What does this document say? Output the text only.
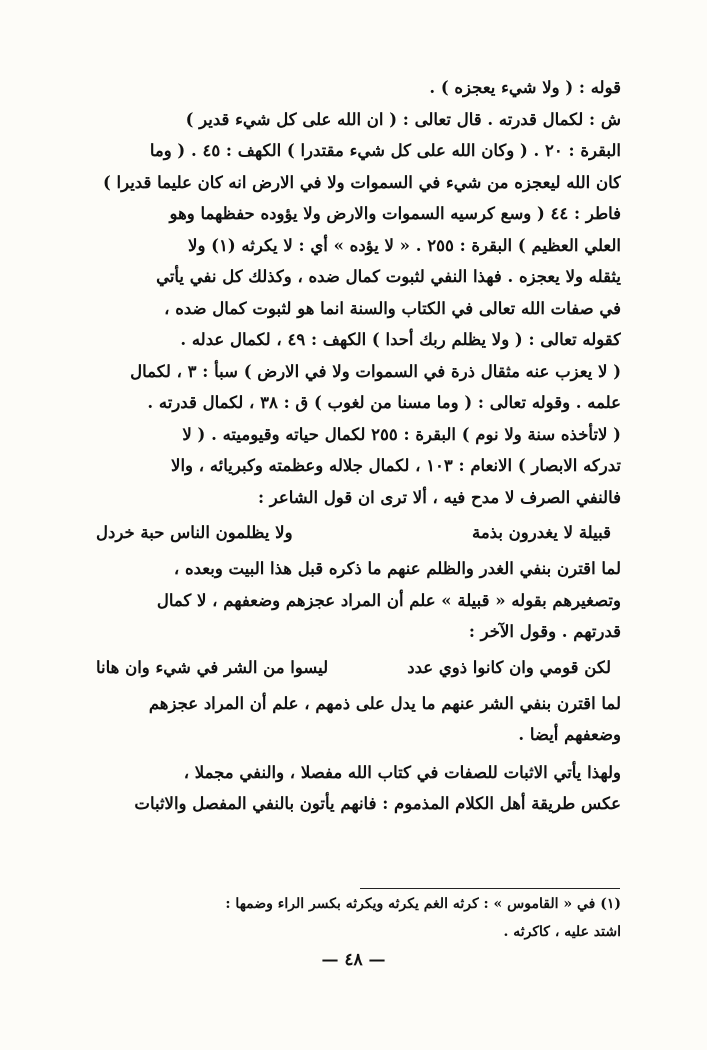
قوله : ( ولا شيء يعجزه ) .
ش : لكمال قدرته . قال تعالى : ( ان الله على كل شيء قدير )
البقرة : ٢٠ . ( وكان الله على كل شيء مقتدرا ) الكهف : ٤٥ . ( وما
كان الله ليعجزه من شيء في السموات ولا في الارض انه كان عليما قديرا )
فاطر : ٤٤ ( وسع كرسيه السموات والارض ولا يؤوده حفظهما وهو
العلي العظيم ) البقرة : ٢٥٥ . « لا يؤده » أي : لا يكرثه (١) ولا
يثقله ولا يعجزه . فهذا النفي لثبوت كمال ضده ، وكذلك كل نفي يأتي
في صفات الله تعالى في الكتاب والسنة انما هو لثبوت كمال ضده ،
كقوله تعالى : ( ولا يظلم ربك أحدا ) الكهف : ٤٩ ، لكمال عدله .
( لا يعزب عنه مثقال ذرة في السموات ولا في الارض ) سبأ : ٣ ، لكمال
علمه . وقوله تعالى : ( وما مسنا من لغوب ) ق : ٣٨ ، لكمال قدرته .
( لاتأخذه سنة ولا نوم ) البقرة : ٢٥٥ لكمال حياته وقيوميته . ( لا
تدركه الابصار ) الانعام : ١٠٣ ، لكمال جلاله وعظمته وكبريائه ، والا
فالنفي الصرف لا مدح فيه ، ألا ترى ان قول الشاعر :
قبيلة لا يغدرون بذمة
ولا يظلمون الناس حبة خردل
لما اقترن بنفي الغدر والظلم عنهم ما ذكره قبل هذا البيت وبعده ،
وتصغيرهم بقوله « قبيلة » علم أن المراد عجزهم وضعفهم ، لا كمال
قدرتهم . وقول الآخر :
لكن قومي وان كانوا ذوي عدد
ليسوا من الشر في شيء وان هانا
لما اقترن بنفي الشر عنهم ما يدل على ذمهم ، علم أن المراد عجزهم
وضعفهم أيضا .
ولهذا يأتي الاثبات للصفات في كتاب الله مفصلا ، والنفي مجملا ،
عكس طريقة أهل الكلام المذموم : فانهم يأتون بالنفي المفصل والاثبات
(١) في « القاموس » : كرثه الغم يكرثه ويكرثه بكسر الراء وضمها :
اشتد عليه ، كاكرثه .
— ٤٨ —
